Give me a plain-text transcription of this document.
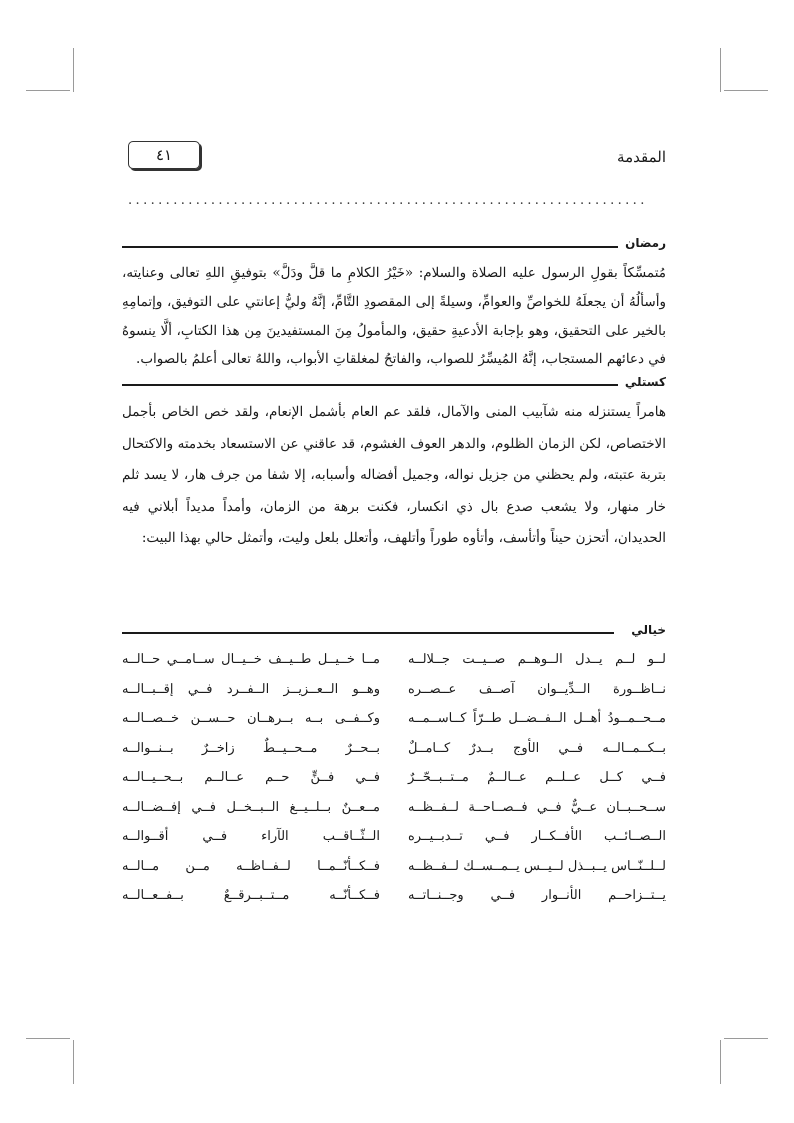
المقدمة
٤١
.....................................................................
رمضان

مُتمسِّكاً بقولِ الرسول عليه الصلاة والسلام: «خَيْرُ الكلامِ ما قلَّ ودَلَّ» بتوفيقِ اللهِ تعالى وعنايته، وأسألُهُ أن يجعلَهُ للخواصِّ والعوامِّ، وسيلةً إلى المقصودِ التَّامِّ، إنَّهُ وليُّ إعانتي على التوفيق، وإتمامِهِ بالخير على التحقيق، وهو بإجابة الأدعيةِ حقيق، والمأمولُ مِنَ المستفيدينَ مِن هذا الكتابِ، ألَّا ينسوهُ في دعائهم المستجاب، إنَّهُ المُيسِّرُ للصواب، والفاتحُ لمغلقاتِ الأبواب، واللهُ تعالى أعلمُ بالصواب.

كستلي

هامراً يستنزله منه شآبيب المنى والآمال، فلقد عم العام بأشمل الإنعام، ولقد خص الخاص بأجمل الاختصاص، لكن الزمان الظلوم، والدهر العوف الغشوم، قد عاقني عن الاستسعاد بخدمته والاكتحال بتربة عتبته، ولم يحظني من جزيل نواله، وجميل أفضاله وأسبابه، إلا شفا من جرف هار، لا يسد ثلم خار منهار، ولا يشعب صدع بال ذي انكسار، فكنت برهة من الزمان، وأمداً مديداً أبلاني فيه الحديدان، أتحزن حيناً وأتأسف، وأتأوه طوراً وأتلهف، وأتعلل بلعل وليت، وأتمثل حالي بهذا البيت:

خيالي
لــو لــم يــدل الــوهــم صــيــت جــلالــه
مــا خــيــل طــيــف خــيــال ســامــي حــالــه
نــاظــورة الــدِّيــوان آصــف عــصــره
وهــو الــعــزيــز الــفــرد فــي إقــبــالــه
مــحــمــودُ أهــل الــفــضــل طــرّاً كــاســمــه
وكــفــى بــه بــرهــان حــســن خــصــالــه
بــكــمــالــه فــي الأوج بــدرٌ كــامــلٌ
بــحــرٌ مــحــيــطٌ زاخــرٌ بــنــوالــه
فــي كــل عــلــم عــالــمٌ مــتــبــحّــرٌ
فــي فــنٍّ حــم عــالــم بــحــيــالــه
ســحــبــان عــيٌّ فــي فــصــاحــة لــفــظــه
مــعــنٌ بــلــيــغ الــبــخــل فــي إفــضــالــه
الــصــائــب الأفــكــار فــي تــدبــيــره
الــثّــاقــب الآراء فــي أقــوالــه
لــلــنّــاس يــبــذل لــيــس يــمــســك لــفــظــه
فــكــأنّــمــا لــفــاظــه مــن مــالــه
يــتــزاحــم الأنــوار فــي وجــنــاتــه
فــكــأنّــه مــتــبــرقــعٌ بــفــعــالــه
